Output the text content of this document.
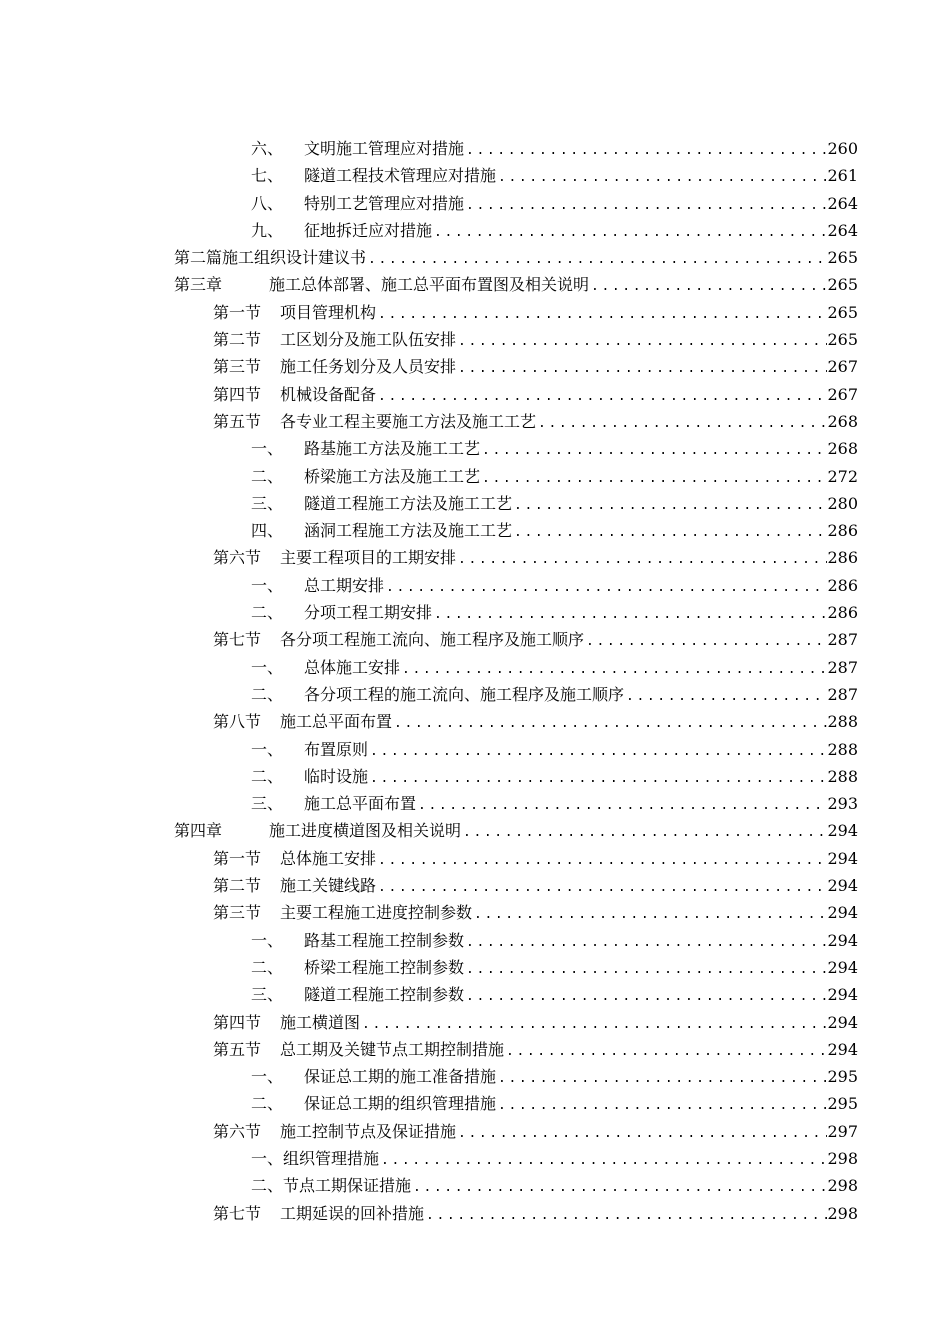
六、	文明施工管理应对措施 .....	260
七、	隧道工程技术管理应对措施 .....	261
八、	特别工艺管理应对措施 .....	264
九、	征地拆迁应对措施 .....	264
第二篇施工组织设计建议书 .....	265
第三章	施工总体部署、施工总平面布置图及相关说明 .....	265
第一节	项目管理机构 .....	265
第二节	工区划分及施工队伍安排 .....	265
第三节	施工任务划分及人员安排 .....	267
第四节	机械设备配备 .....	267
第五节	各专业工程主要施工方法及施工工艺 .....	268
一、	路基施工方法及施工工艺 .....	268
二、	桥梁施工方法及施工工艺 .....	272
三、	隧道工程施工方法及施工工艺 .....	280
四、	涵洞工程施工方法及施工工艺 .....	286
第六节	主要工程项目的工期安排 .....	286
一、	总工期安排 .....	286
二、	分项工程工期安排 .....	286
第七节	各分项工程施工流向、施工程序及施工顺序 .....	287
一、	总体施工安排 .....	287
二、	各分项工程的施工流向、施工程序及施工顺序 .....	287
第八节	施工总平面布置 .....	288
一、	布置原则 .....	288
二、	临时设施 .....	288
三、	施工总平面布置 .....	293
第四章	施工进度横道图及相关说明 .....	294
第一节	总体施工安排 .....	294
第二节	施工关键线路 .....	294
第三节	主要工程施工进度控制参数 .....	294
一、	路基工程施工控制参数 .....	294
二、	桥梁工程施工控制参数 .....	294
三、	隧道工程施工控制参数 .....	294
第四节	施工横道图 .....	294
第五节	总工期及关键节点工期控制措施 .....	294
一、	保证总工期的施工准备措施 .....	295
二、	保证总工期的组织管理措施 .....	295
第六节	施工控制节点及保证措施 .....	297
一、 组织管理措施 .....	298
二、 节点工期保证措施 .....	298
第七节	工期延误的回补措施 .....	298
